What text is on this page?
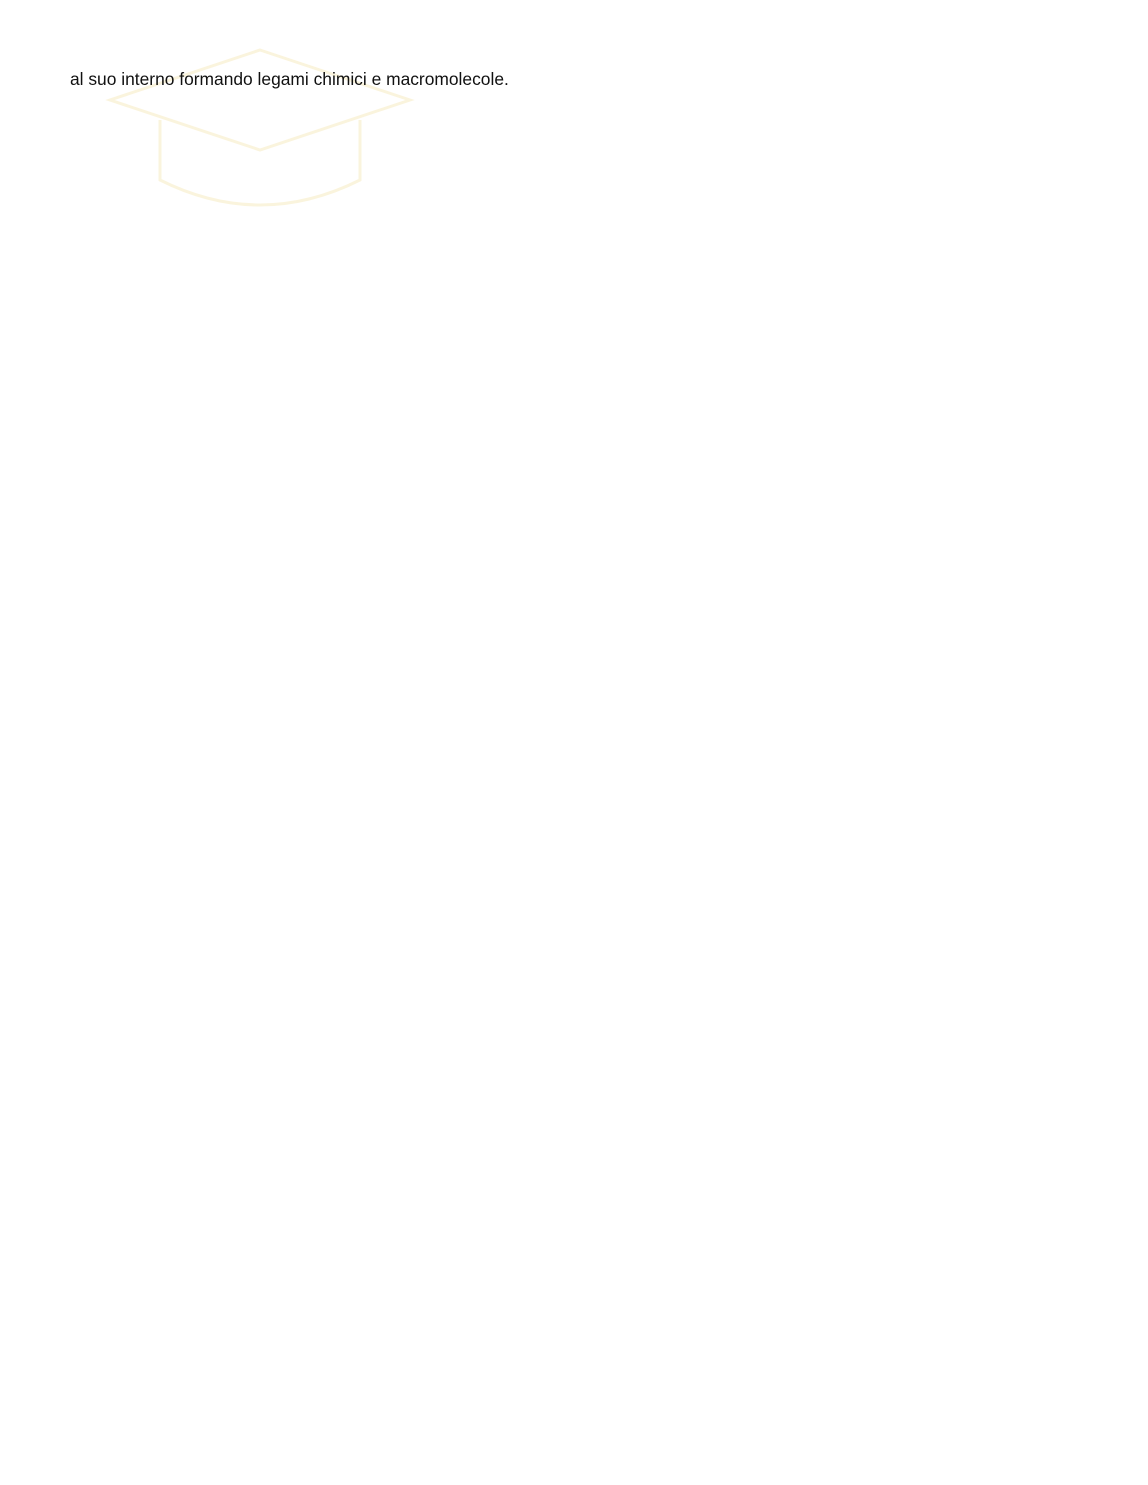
al suo interno formando legami chimici e macromolecole.
